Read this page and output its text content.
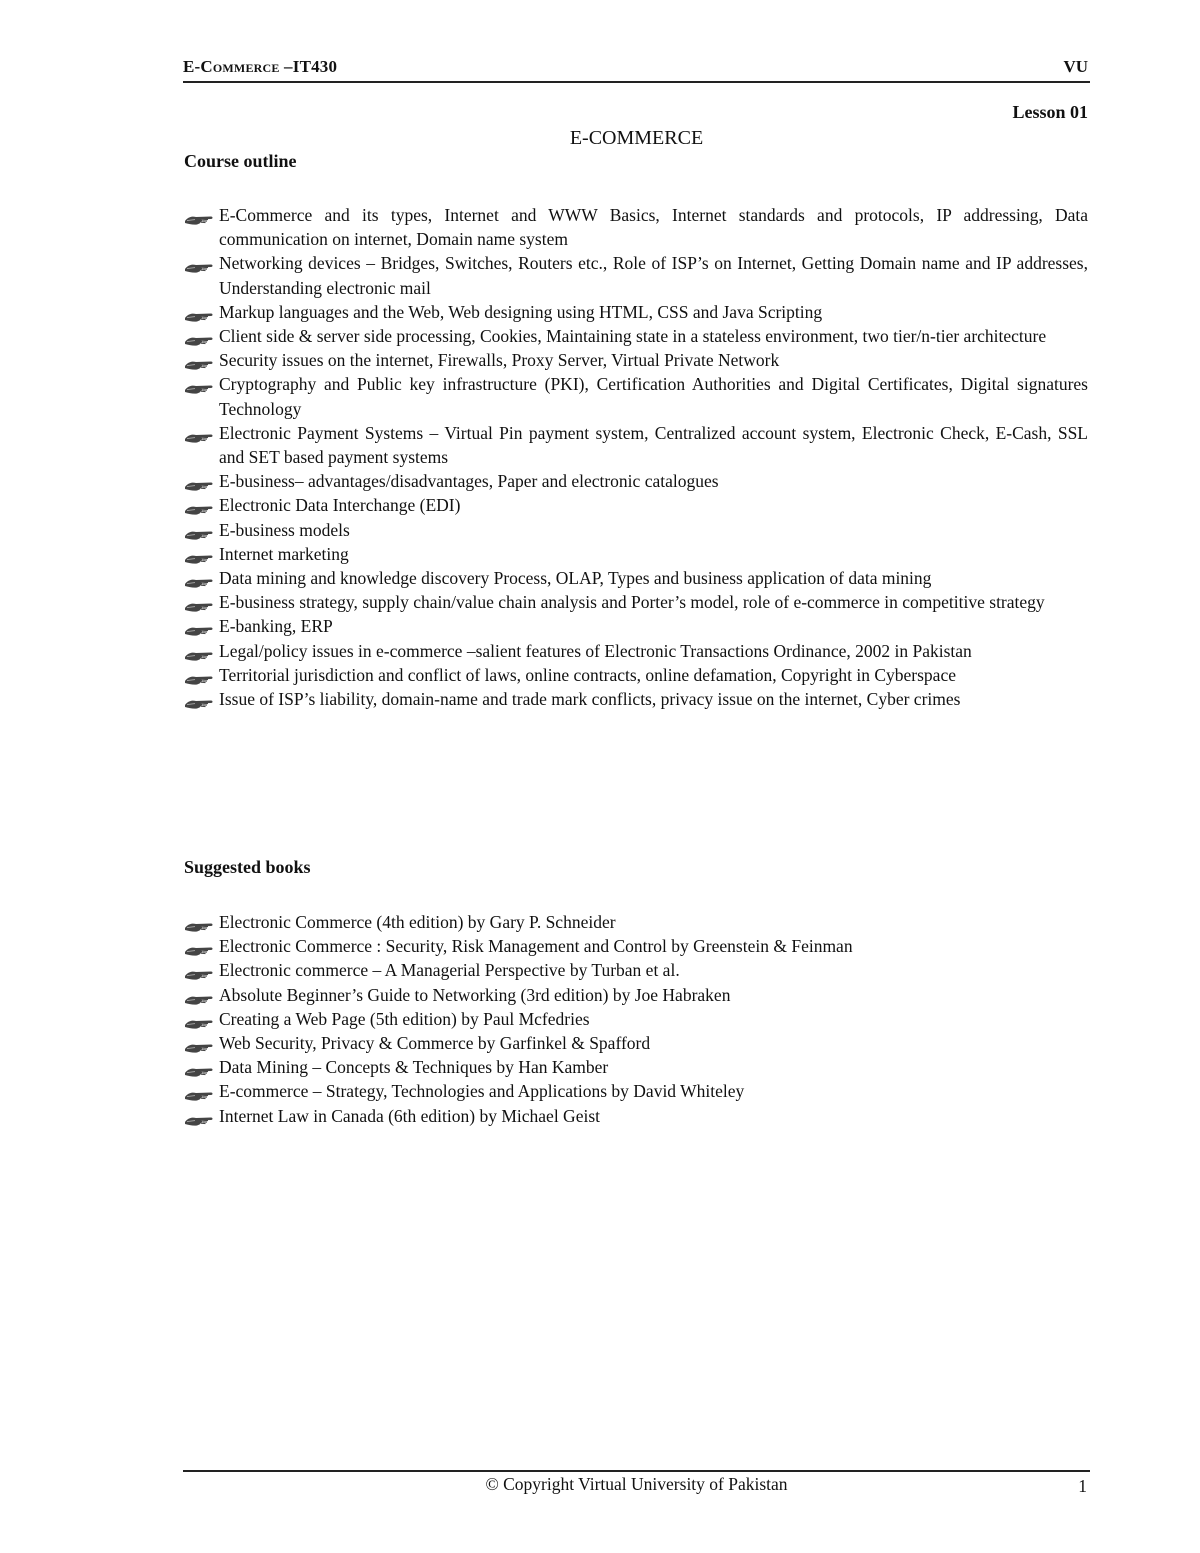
E-Commerce –IT430	VU
Lesson 01
E-COMMERCE
Course outline
E-Commerce and its types, Internet and WWW Basics, Internet standards and protocols, IP addressing, Data communication on internet, Domain name system
Networking devices – Bridges, Switches, Routers etc., Role of ISP’s on Internet, Getting Domain name and IP addresses, Understanding electronic mail
Markup languages and the Web, Web designing using HTML, CSS and Java Scripting
Client side & server side processing, Cookies, Maintaining state in a stateless environment, two tier/n-tier architecture
Security issues on the internet, Firewalls, Proxy Server, Virtual Private Network
Cryptography and Public key infrastructure (PKI), Certification Authorities and Digital Certificates, Digital signatures Technology
Electronic Payment Systems – Virtual Pin payment system, Centralized account system, Electronic Check, E-Cash, SSL and SET based payment systems
E-business– advantages/disadvantages, Paper and electronic catalogues
Electronic Data Interchange (EDI)
E-business models
Internet marketing
Data mining and knowledge discovery Process, OLAP, Types and business application of data mining
E-business strategy, supply chain/value chain analysis and Porter’s model, role of e-commerce in competitive strategy
E-banking, ERP
Legal/policy issues in e-commerce –salient features of Electronic Transactions Ordinance, 2002 in Pakistan
Territorial jurisdiction and conflict of laws, online contracts, online defamation, Copyright in Cyberspace
Issue of ISP’s liability, domain-name and trade mark conflicts, privacy issue on the internet, Cyber crimes
Suggested books
Electronic Commerce (4th edition) by Gary P. Schneider
Electronic Commerce : Security, Risk Management and Control by Greenstein & Feinman
Electronic commerce – A Managerial Perspective by Turban et al.
Absolute Beginner’s Guide to Networking (3rd edition) by Joe Habraken
Creating a Web Page (5th edition) by Paul Mcfedries
Web Security, Privacy & Commerce by Garfinkel & Spafford
Data Mining – Concepts & Techniques by Han Kamber
E-commerce – Strategy, Technologies and Applications by David Whiteley
Internet Law in Canada (6th edition) by Michael Geist
© Copyright Virtual University of Pakistan	1
